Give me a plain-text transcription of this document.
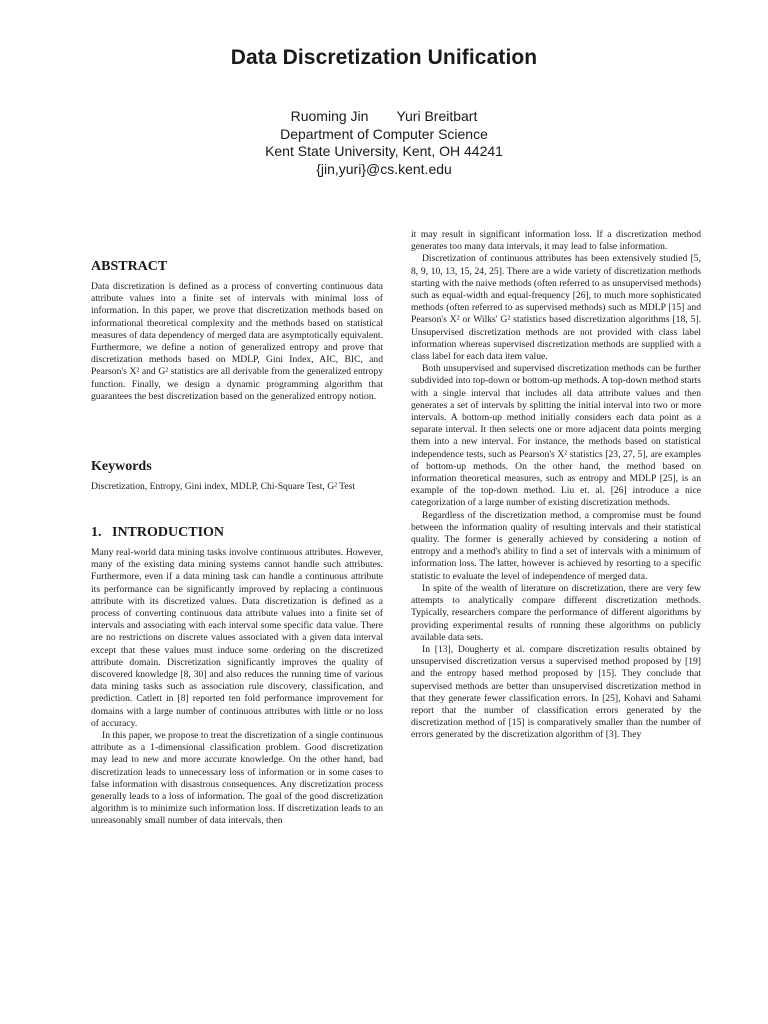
Data Discretization Unification
Ruoming Jin Yuri Breitbart
Department of Computer Science
Kent State University, Kent, OH 44241
{jin,yuri}@cs.kent.edu
ABSTRACT

Data discretization is defined as a process of converting continuous data attribute values into a finite set of intervals with minimal loss of information. In this paper, we prove that discretization methods based on informational theoretical complexity and the methods based on statistical measures of data dependency of merged data are asymptotically equivalent. Furthermore, we define a notion of generalized entropy and prove that discretization methods based on MDLP, Gini Index, AIC, BIC, and Pearson's X² and G² statistics are all derivable from the generalized entropy function. Finally, we design a dynamic programming algorithm that guarantees the best discretization based on the generalized entropy notion.

Keywords

Discretization, Entropy, Gini index, MDLP, Chi-Square Test, G² Test

1.   INTRODUCTION

Many real-world data mining tasks involve continuous attributes. However, many of the existing data mining systems cannot handle such attributes. Furthermore, even if a data mining task can handle a continuous attribute its performance can be significantly improved by replacing a continuous attribute with its discretized values. Data discretization is defined as a process of converting continuous data attribute values into a finite set of intervals and associating with each interval some specific data value. There are no restrictions on discrete values associated with a given data interval except that these values must induce some ordering on the discretized attribute domain. Discretization significantly improves the quality of discovered knowledge [8, 30] and also reduces the running time of various data mining tasks such as association rule discovery, classification, and prediction. Catlett in [8] reported ten fold performance improvement for domains with a large number of continuous attributes with little or no loss of accuracy.

In this paper, we propose to treat the discretization of a single continuous attribute as a 1-dimensional classification problem. Good discretization may lead to new and more accurate knowledge. On the other hand, bad discretization leads to unnecessary loss of information or in some cases to false information with disastrous consequences. Any discretization process generally leads to a loss of information. The goal of the good discretization algorithm is to minimize such information loss. If discretization leads to an unreasonably small number of data intervals, then

it may result in significant information loss. If a discretization method generates too many data intervals, it may lead to false information.

Discretization of continuous attributes has been extensively studied [5, 8, 9, 10, 13, 15, 24, 25]. There are a wide variety of discretization methods starting with the naive methods (often referred to as unsupervised methods) such as equal-width and equal-frequency [26], to much more sophisticated methods (often referred to as supervised methods) such as MDLP [15] and Pearson's X² or Wilks' G² statistics based discretization algorithms [18, 5]. Unsupervised discretization methods are not provided with class label information whereas supervised discretization methods are supplied with a class label for each data item value.

Both unsupervised and supervised discretization methods can be further subdivided into top-down or bottom-up methods. A top-down method starts with a single interval that includes all data attribute values and then generates a set of intervals by splitting the initial interval into two or more intervals. A bottom-up method initially considers each data point as a separate interval. It then selects one or more adjacent data points merging them into a new interval. For instance, the methods based on statistical independence tests, such as Pearson's X² statistics [23, 27, 5], are examples of bottom-up methods. On the other hand, the method based on information theoretical measures, such as entropy and MDLP [25], is an example of the top-down method. Liu et. al. [26] introduce a nice categorization of a large number of existing discretization methods.

Regardless of the discretization method, a compromise must be found between the information quality of resulting intervals and their statistical quality. The former is generally achieved by considering a notion of entropy and a method's ability to find a set of intervals with a minimum of information loss. The latter, however is achieved by resorting to a specific statistic to evaluate the level of independence of merged data.

In spite of the wealth of literature on discretization, there are very few attempts to analytically compare different discretization methods. Typically, researchers compare the performance of different algorithms by providing experimental results of running these algorithms on publicly available data sets.

In [13], Dougherty et al. compare discretization results obtained by unsupervised discretization versus a supervised method proposed by [19] and the entropy based method proposed by [15]. They conclude that supervised methods are better than unsupervised discretization method in that they generate fewer classification errors. In [25], Kohavi and Sahami report that the number of classification errors generated by the discretization method of [15] is comparatively smaller than the number of errors generated by the discretization algorithm of [3]. They
